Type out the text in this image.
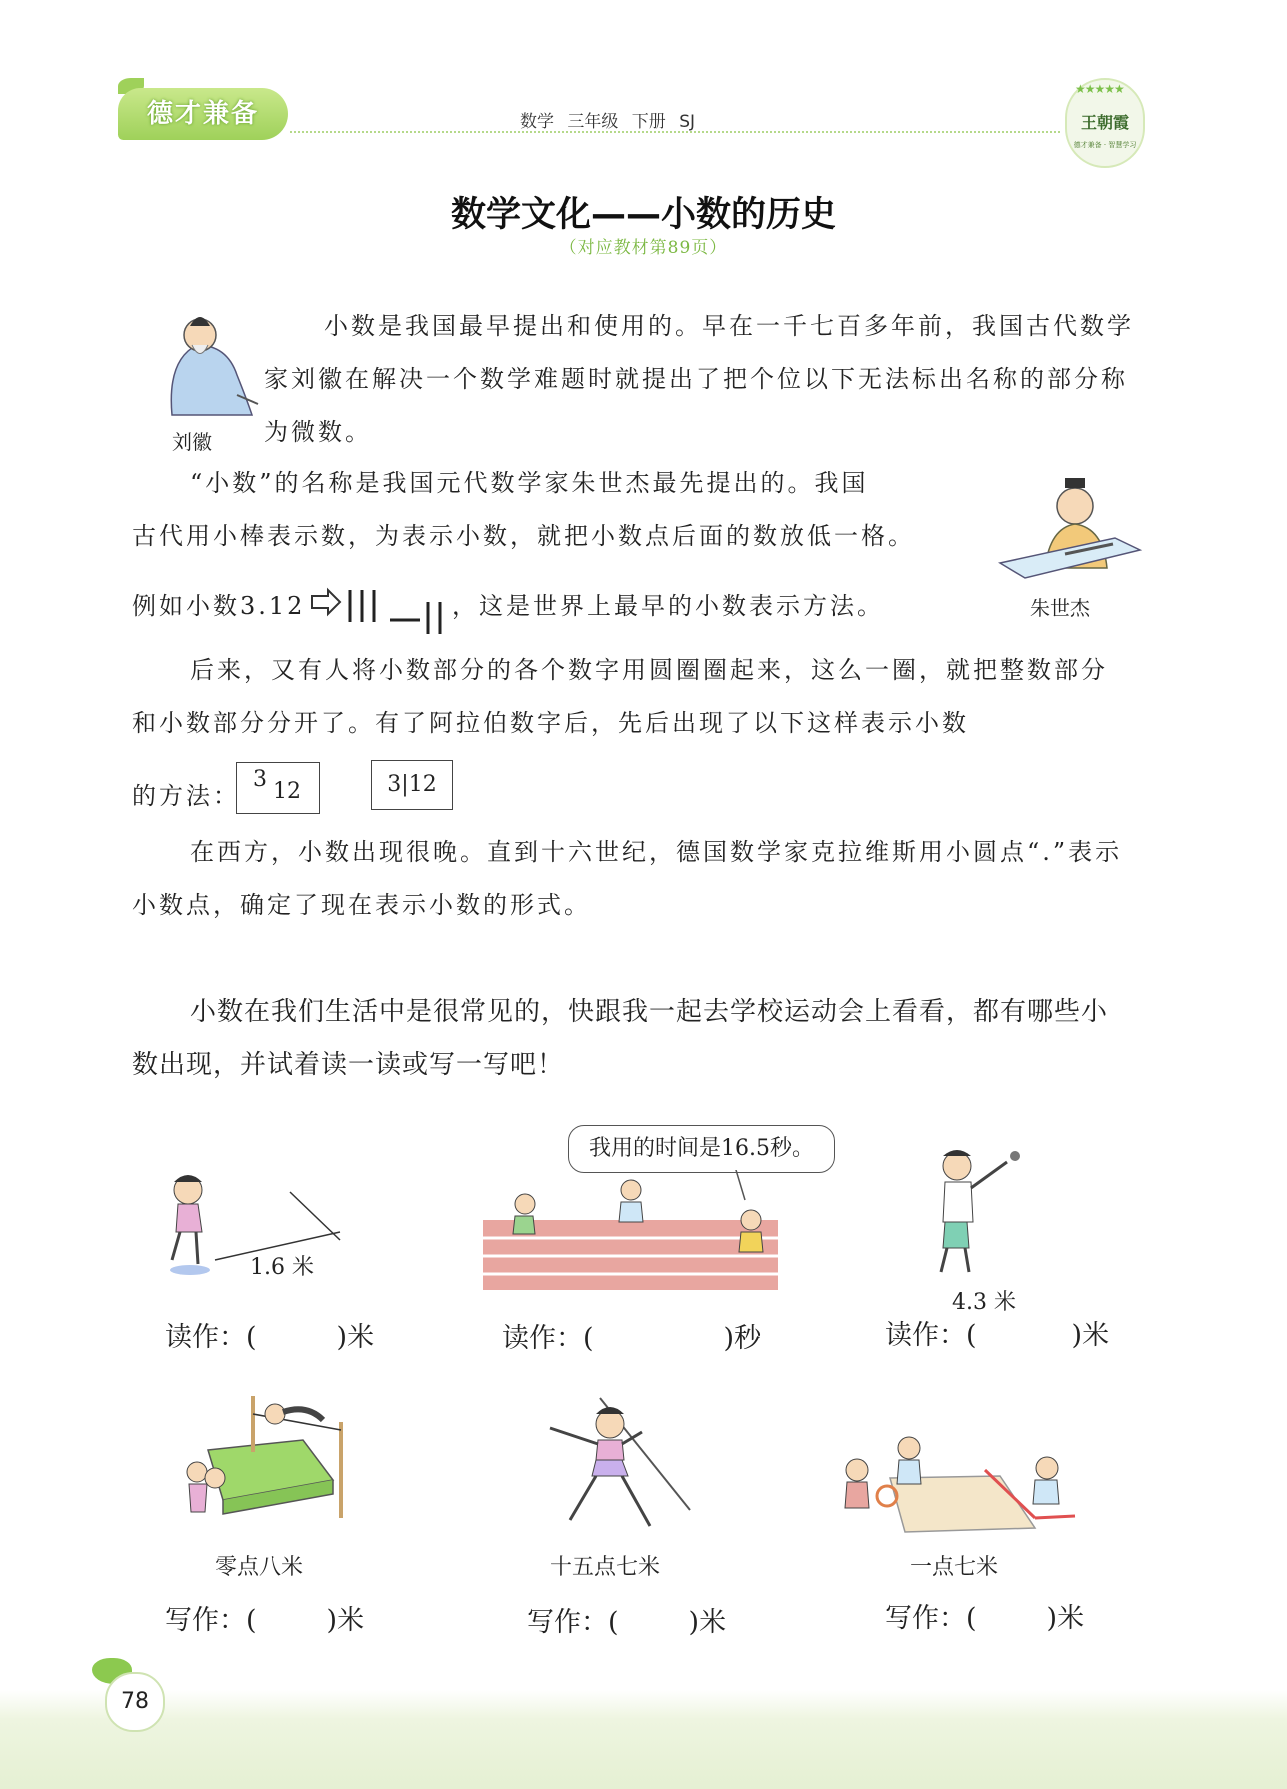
德才兼备	数学 三年级 下册 SJ
★★★★★
王朝霞
德才兼备 · 智慧学习
数学文化——小数的历史
（对应教材第89页）
刘徽

小数是我国最早提出和使用的。早在一千七百多年前，我国古代数学家刘徽在解决一个数学难题时就提出了把个位以下无法标出名称的部分称为微数。

“小数”的名称是我国元代数学家朱世杰最先提出的。我国

古代用小棒表示数，为表示小数，就把小数点后面的数放低一格。

例如小数3.12	，这是世界上最早的小数表示方法。	朱世杰

后来，又有人将小数部分的各个数字用圆圈圈起来，这么一圈，就把整数部分和小数部分分开了。有了阿拉伯数字后，先后出现了以下这样表示小数

的方法：
3 12	3|12

在西方，小数出现很晚。直到十六世纪，德国数学家克拉维斯用小圆点“.”表示小数点，确定了现在表示小数的形式。

小数在我们生活中是很常见的，快跟我一起去学校运动会上看看，都有哪些小数出现，并试着读一读或写一写吧！

1.6 米
我用的时间是16.5秒。
4.3 米
读作：(	)米	读作：(	)秒	读作：(	)米
零点八米	十五点七米	一点七米
写作：(	)米	写作：(	)米	写作：(	)米
78
